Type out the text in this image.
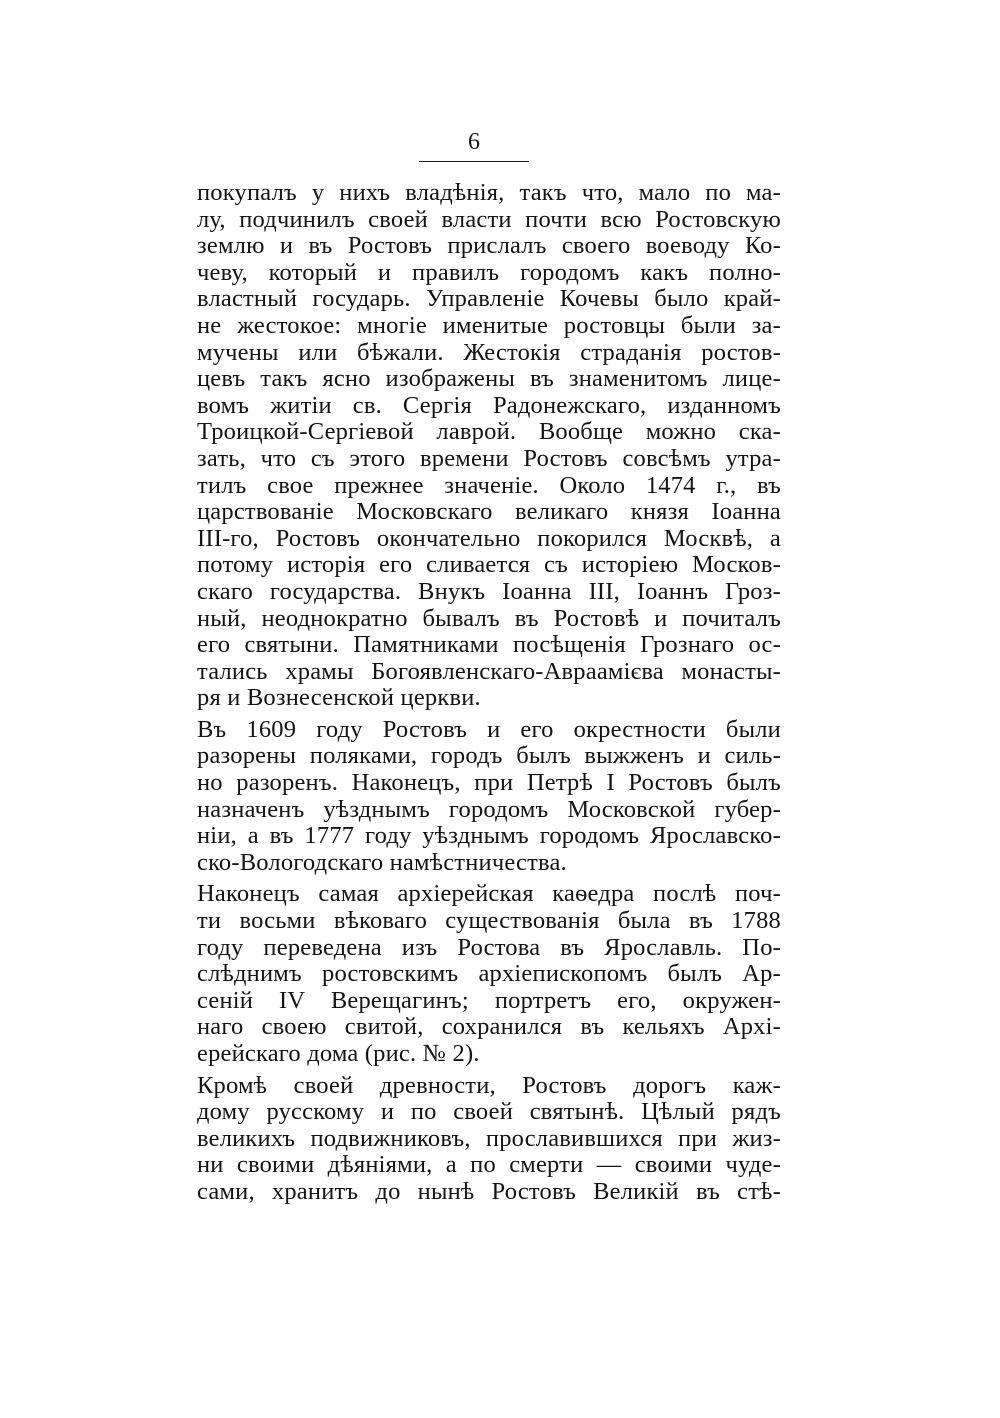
6
покупалъ у нихъ владѣнія, такъ что, мало по ма-
лу, подчинилъ своей власти почти всю Ростовскую
землю и въ Ростовъ прислалъ своего воеводу Ко-
чеву, который и правилъ городомъ какъ полно-
властный государь. Управленіе Кочевы было край-
не жестокое: многіе именитые ростовцы были за-
мучены или бѣжали. Жестокія страданія ростов-
цевъ такъ ясно изображены въ знаменитомъ лице-
вомъ житіи св. Сергія Радонежскаго, изданномъ
Троицкой-Сергіевой лаврой. Вообще можно ска-
зать, что съ этого времени Ростовъ совсѣмъ утра-
тилъ свое прежнее значеніе. Около 1474 г., въ
царствованіе Московскаго великаго князя Іоанна
III-го, Ростовъ окончательно покорился Москвѣ, а
потому исторія его сливается съ исторіею Москов-
скаго государства. Внукъ Іоанна III, Іоаннъ Гроз-
ный, неоднократно бывалъ въ Ростовѣ и почиталъ
его святыни. Памятниками посѣщенія Грознаго ос-
тались храмы Богоявленскаго-Авраамієва монасты-
ря и Вознесенской церкви.
Въ 1609 году Ростовъ и его окрестности были
разорены поляками, городъ былъ выжженъ и силь-
но разоренъ. Наконецъ, при Петрѣ I Ростовъ былъ
назначенъ уѣзднымъ городомъ Московской губер-
ніи, а въ 1777 году уѣзднымъ городомъ Ярославско-
ско-Вологодскаго намѣстничества.
Наконецъ самая архіерейская каѳедра послѣ поч-
ти восьми вѣковаго существованія была въ 1788
году переведена изъ Ростова въ Ярославль. По-
слѣднимъ ростовскимъ архіепископомъ былъ Ар-
сеній IV Верещагинъ; портретъ его, окружен-
наго своею свитой, сохранился въ кельяхъ Архі-
ерейскаго дома (рис. № 2).
Кромѣ своей древности, Ростовъ дорогъ каж-
дому русскому и по своей святынѣ. Цѣлый рядъ
великихъ подвижниковъ, прославившихся при жиз-
ни своими дѣяніями, а по смерти — своими чуде-
сами, хранитъ до нынѣ Ростовъ Великій въ стѣ-
